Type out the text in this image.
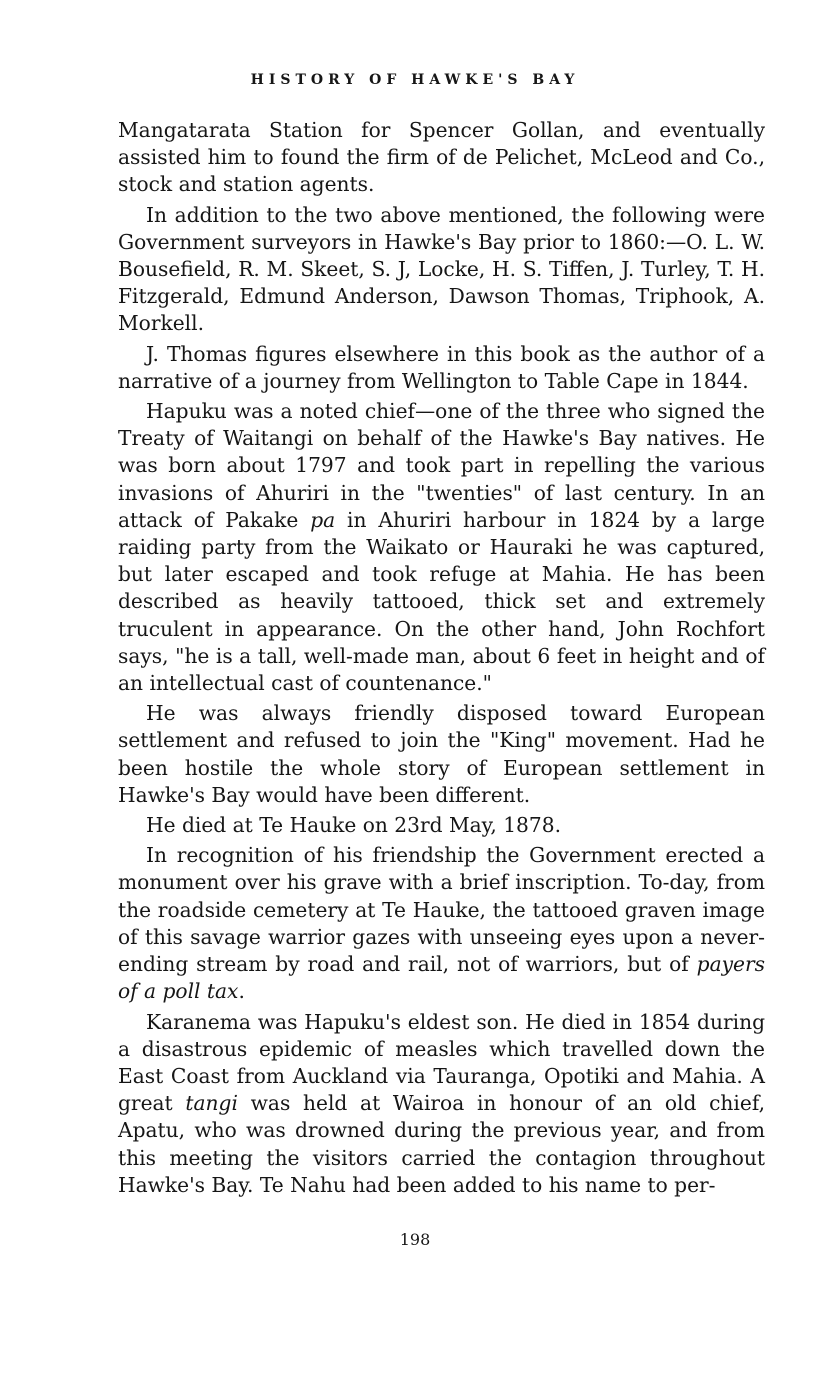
HISTORY OF HAWKE'S BAY

Mangatarata Station for Spencer Gollan, and eventually assisted him to found the firm of de Pelichet, McLeod and Co., stock and station agents.

In addition to the two above mentioned, the following were Government surveyors in Hawke's Bay prior to 1860:—O. L. W. Bousefield, R. M. Skeet, S. J, Locke, H. S. Tiffen, J. Turley, T. H. Fitzgerald, Edmund Anderson, Dawson Thomas, Triphook, A. Morkell.

J. Thomas figures elsewhere in this book as the author of a narrative of a journey from Wellington to Table Cape in 1844.

Hapuku was a noted chief—one of the three who signed the Treaty of Waitangi on behalf of the Hawke's Bay natives. He was born about 1797 and took part in repelling the various invasions of Ahuriri in the "twenties" of last century. In an attack of Pakake pa in Ahuriri harbour in 1824 by a large raiding party from the Waikato or Hauraki he was captured, but later escaped and took refuge at Mahia. He has been described as heavily tattooed, thick set and extremely truculent in appearance. On the other hand, John Rochfort says, "he is a tall, well-made man, about 6 feet in height and of an intellectual cast of countenance."

He was always friendly disposed toward European settlement and refused to join the "King" movement. Had he been hostile the whole story of European settlement in Hawke's Bay would have been different.

He died at Te Hauke on 23rd May, 1878.

In recognition of his friendship the Government erected a monument over his grave with a brief inscription. To-day, from the roadside cemetery at Te Hauke, the tattooed graven image of this savage warrior gazes with unseeing eyes upon a never-ending stream by road and rail, not of warriors, but of payers of a poll tax.

Karanema was Hapuku's eldest son. He died in 1854 during a disastrous epidemic of measles which travelled down the East Coast from Auckland via Tauranga, Opotiki and Mahia. A great tangi was held at Wairoa in honour of an old chief, Apatu, who was drowned during the previous year, and from this meeting the visitors carried the contagion throughout Hawke's Bay. Te Nahu had been added to his name to per-

198
